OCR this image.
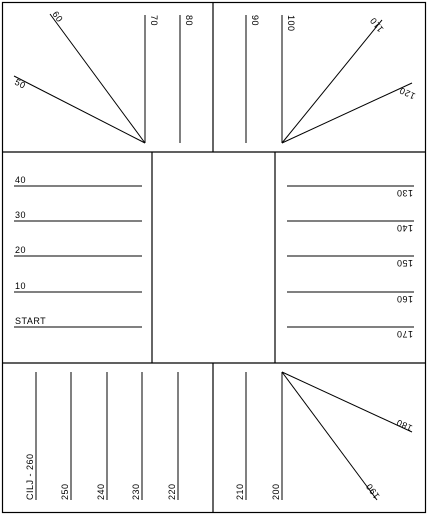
50
60	70	80	90	100	110
120
40
30
20
10
START
130
140
150
160
170
CILJ - 260	250	240	230	220	210	200	190
180
